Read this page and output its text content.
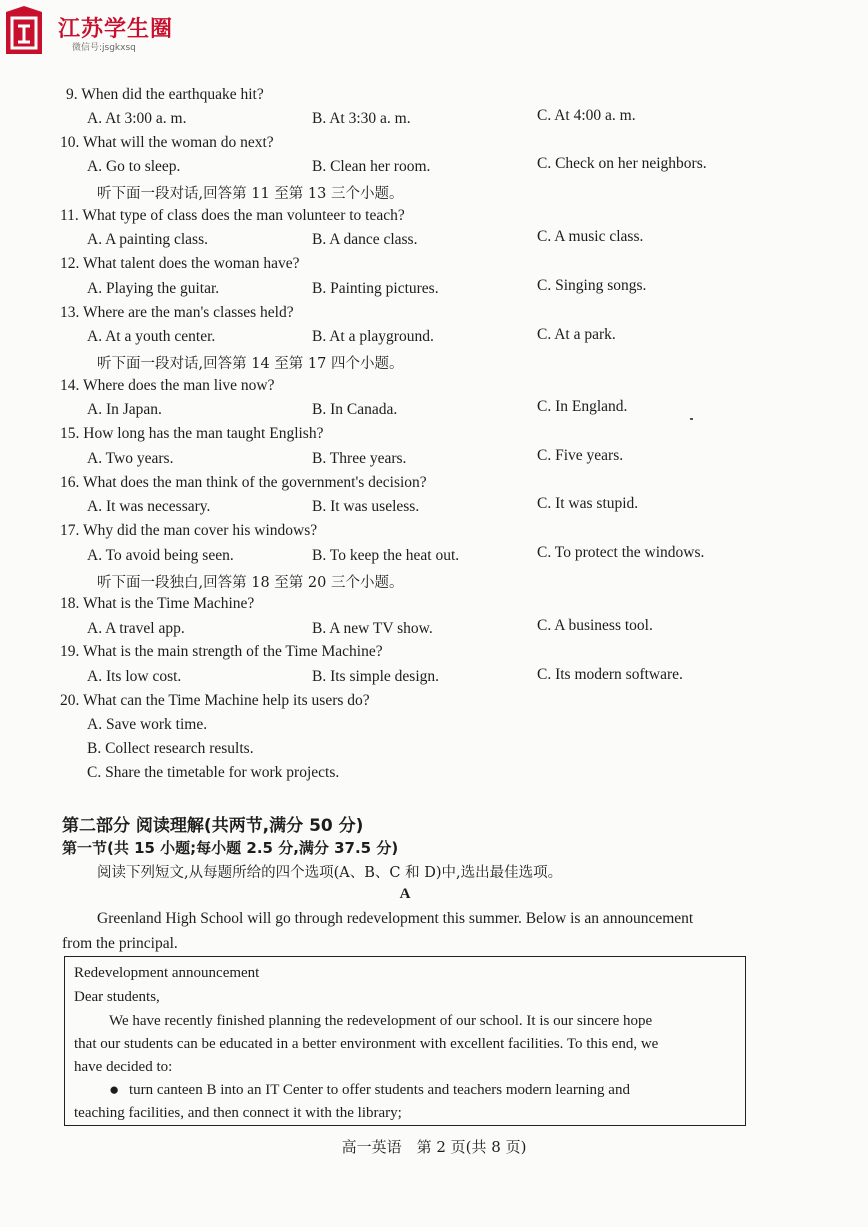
江苏学生圈
微信号:jsgkxsq
9. When did the earthquake hit?
A. At 3:00 a. m.	B. At 3:30 a. m.	C. At 4:00 a. m.
10. What will the woman do next?
A. Go to sleep.	B. Clean her room.	C. Check on her neighbors.
听下面一段对话,回答第 11 至第 13 三个小题。
11. What type of class does the man volunteer to teach?
A. A painting class.	B. A dance class.	C. A music class.
12. What talent does the woman have?
A. Playing the guitar.	B. Painting pictures.	C. Singing songs.
13. Where are the man's classes held?
A. At a youth center.	B. At a playground.	C. At a park.
听下面一段对话,回答第 14 至第 17 四个小题。
14. Where does the man live now?
A. In Japan.	B. In Canada.	C. In England.
15. How long has the man taught English?
A. Two years.	B. Three years.	C. Five years.
16. What does the man think of the government's decision?
A. It was necessary.	B. It was useless.	C. It was stupid.
17. Why did the man cover his windows?
A. To avoid being seen.	B. To keep the heat out.	C. To protect the windows.
听下面一段独白,回答第 18 至第 20 三个小题。
18. What is the Time Machine?
A. A travel app.	B. A new TV show.	C. A business tool.
19. What is the main strength of the Time Machine?
A. Its low cost.	B. Its simple design.	C. Its modern software.
20. What can the Time Machine help its users do?
A. Save work time.
B. Collect research results.
C. Share the timetable for work projects.
第二部分 阅读理解(共两节,满分 50 分)
第一节(共 15 小题;每小题 2.5 分,满分 37.5 分)
阅读下列短文,从每题所给的四个选项(A、B、C 和 D)中,选出最佳选项。
A
Greenland High School will go through redevelopment this summer. Below is an announcement
from the principal.
Redevelopment announcement
Dear students,
We have recently finished planning the redevelopment of our school. It is our sincere hope
that our students can be educated in a better environment with excellent facilities. To this end, we
have decided to:
● turn canteen B into an IT Center to offer students and teachers modern learning and
teaching facilities, and then connect it with the library;
高一英语　第 2 页(共 8 页)
